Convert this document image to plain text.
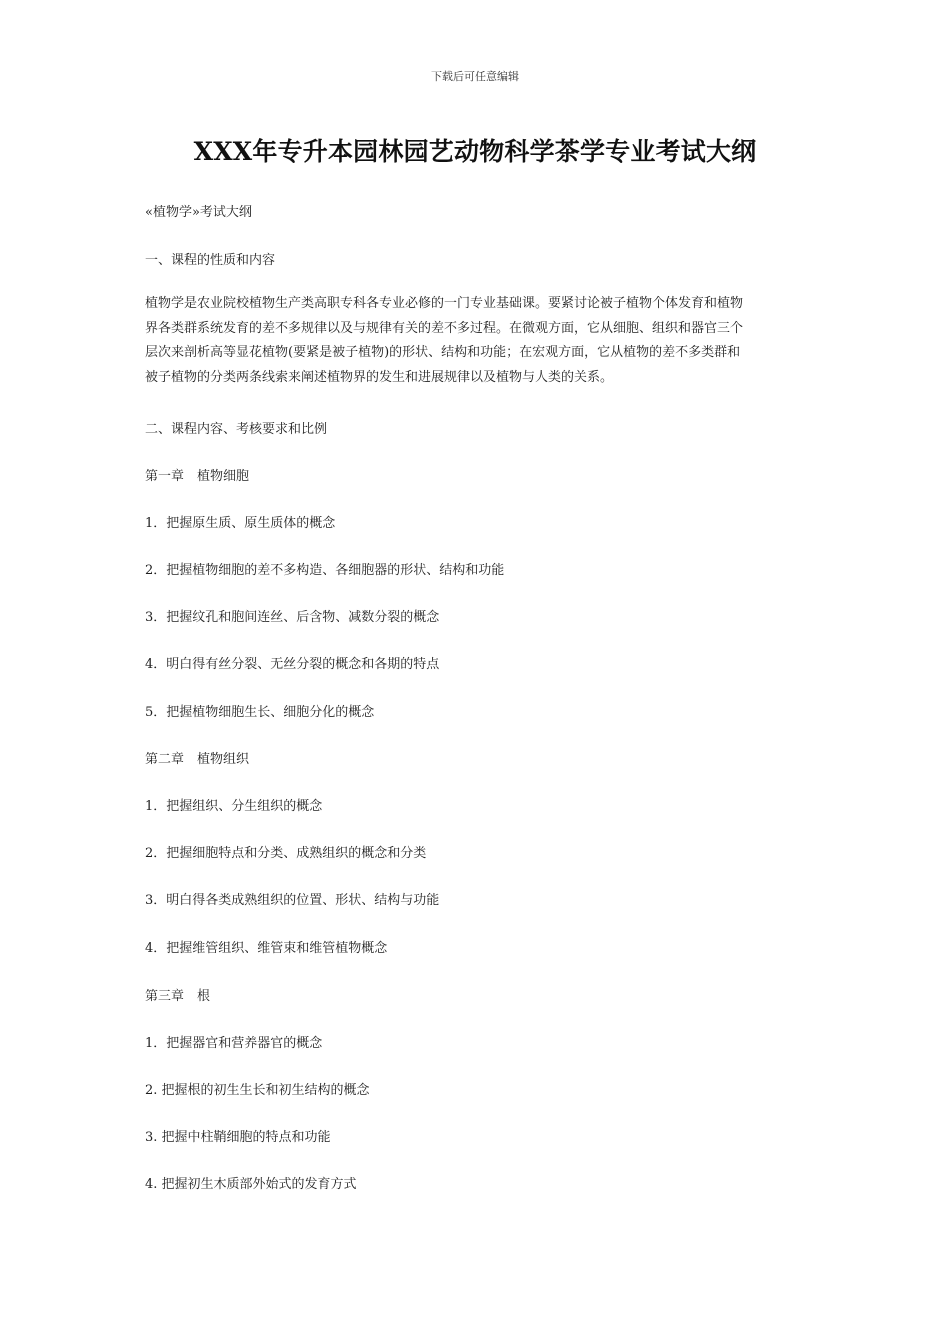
下载后可任意编辑
XXX年专升本园林园艺动物科学茶学专业考试大纲
«植物学»考试大纲
一、课程的性质和内容
植物学是农业院校植物生产类高职专科各专业必修的一门专业基础课。要紧讨论被子植物个体发育和植物
界各类群系统发育的差不多规律以及与规律有关的差不多过程。在微观方面，它从细胞、组织和器官三个
层次来剖析高等显花植物(要紧是被子植物)的形状、结构和功能；在宏观方面，它从植物的差不多类群和
被子植物的分类两条线索来阐述植物界的发生和进展规律以及植物与人类的关系。
二、课程内容、考核要求和比例
第一章　植物细胞
1．把握原生质、原生质体的概念
2．把握植物细胞的差不多构造、各细胞器的形状、结构和功能
3．把握纹孔和胞间连丝、后含物、减数分裂的概念
4．明白得有丝分裂、无丝分裂的概念和各期的特点
5．把握植物细胞生长、细胞分化的概念
第二章　植物组织
1．把握组织、分生组织的概念
2．把握细胞特点和分类、成熟组织的概念和分类
3．明白得各类成熟组织的位置、形状、结构与功能
4．把握维管组织、维管束和维管植物概念
第三章　根
1．把握器官和营养器官的概念
2. 把握根的初生生长和初生结构的概念
3. 把握中柱鞘细胞的特点和功能
4. 把握初生木质部外始式的发育方式
